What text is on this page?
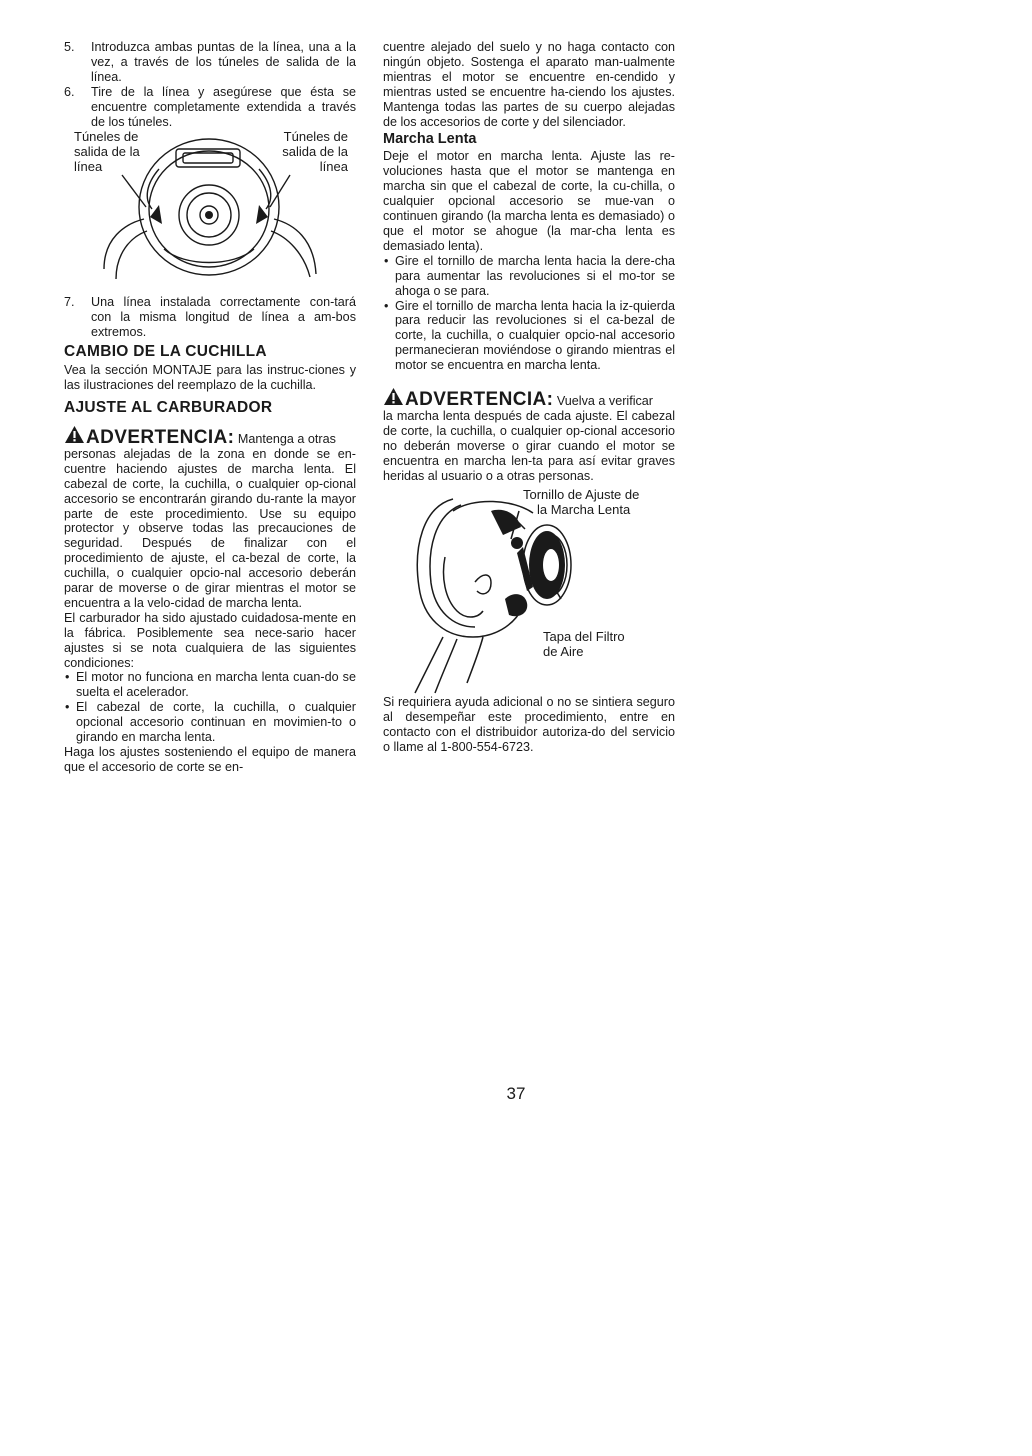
5.	Introduzca ambas puntas de la línea, una a la vez, a través de los túneles de salida de la línea.
6.	Tire de la línea y asegúrese que ésta se encuentre completamente extendida a través de los túneles.
Túneles de
salida de la
línea
Túneles de
salida de la
línea
7.	Una línea instalada correctamente con-tará con la misma longitud de línea a am-bos extremos.
CAMBIO DE LA CUCHILLA

Vea la sección MONTAJE para las instruc-ciones y las ilustraciones del reemplazo de la cuchilla.

AJUSTE AL CARBURADOR
ADVERTENCIA: Mantenga a otras

personas alejadas de la zona en donde se en-cuentre haciendo ajustes de marcha lenta. El cabezal de corte, la cuchilla, o cualquier op-cional accesorio se encontrarán girando du-rante la mayor parte de este procedimiento. Use su equipo protector y observe todas las precauciones de seguridad. Después de finalizar con el procedimiento de ajuste, el ca-bezal de corte, la cuchilla, o cualquier opcio-nal accesorio deberán parar de moverse o de girar mientras el motor se encuentra a la velo-cidad de marcha lenta.

El carburador ha sido ajustado cuidadosa-mente en la fábrica. Posiblemente sea nece-sario hacer ajustes si se nota cualquiera de las siguientes condiciones:

• El motor no funciona en marcha lenta cuan-do se suelta el acelerador.
• El cabezal de corte, la cuchilla, o cualquier opcional accesorio continuan en movimien-to o girando en marcha lenta.

Haga los ajustes sosteniendo el equipo de manera que el accesorio de corte se en-

cuentre alejado del suelo y no haga contacto con ningún objeto. Sostenga el aparato man-ualmente mientras el motor se encuentre en-cendido y mientras usted se encuentre ha-ciendo los ajustes. Mantenga todas las partes de su cuerpo alejadas de los accesorios de corte y del silenciador.

Marcha Lenta

Deje el motor en marcha lenta. Ajuste las re-voluciones hasta que el motor se mantenga en marcha sin que el cabezal de corte, la cu-chilla, o cualquier opcional accesorio se mue-van o continuen girando (la marcha lenta es demasiado) o que el motor se ahogue (la mar-cha lenta es demasiado lenta).

• Gire el tornillo de marcha lenta hacia la dere-cha para aumentar las revoluciones si el mo-tor se ahoga o se para.
• Gire el tornillo de marcha lenta hacia la iz-quierda para reducir las revoluciones si el ca-bezal de corte, la cuchilla, o cualquier opcio-nal accesorio permanecieran moviéndose o girando mientras el motor se encuentra en marcha lenta.
ADVERTENCIA: Vuelva a verificar

la marcha lenta después de cada ajuste. El cabezal de corte, la cuchilla, o cualquier op-cional accesorio no deberán moverse o girar cuando el motor se encuentra en marcha len-ta para así evitar graves heridas al usuario o a otras personas.

Tornillo de Ajuste de
la Marcha Lenta
Tapa del Filtro
de Aire

Si requiriera ayuda adicional o no se sintiera seguro al desempeñar este procedimiento, entre en contacto con el distribuidor autoriza-do del servicio o llame al 1-800-554-6723.

37
